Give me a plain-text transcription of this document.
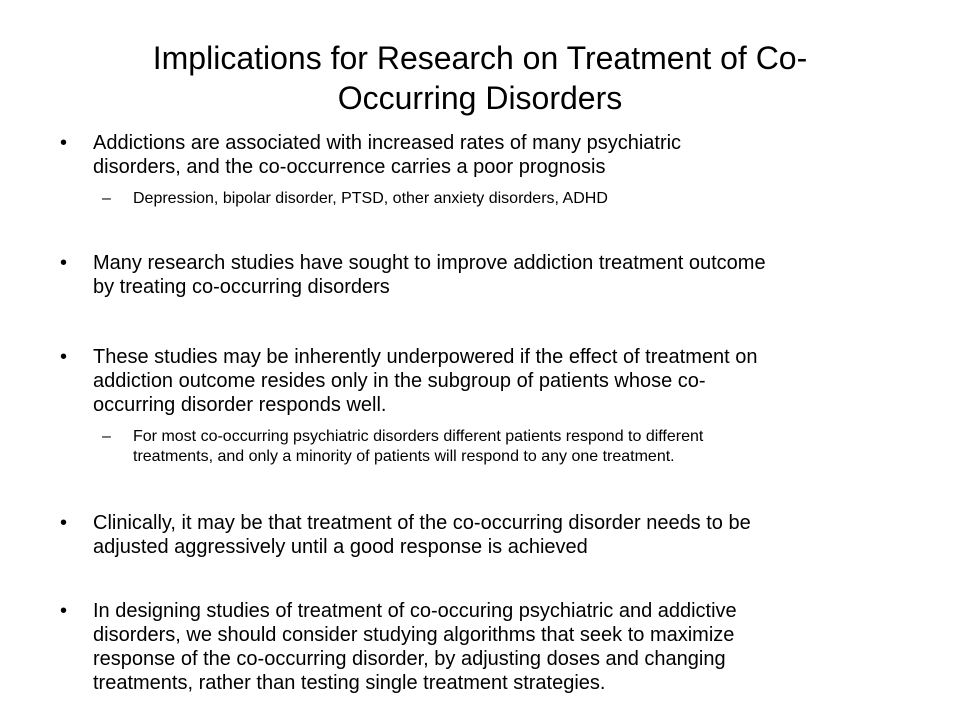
Implications for Research on Treatment of Co-
Occurring Disorders

• Addictions are associated with increased rates of many psychiatric
disorders, and the co-occurrence carries a poor prognosis

– Depression, bipolar disorder, PTSD, other anxiety disorders, ADHD

• Many research studies have sought to improve addiction treatment outcome
by treating co-occurring disorders

• These studies may be inherently underpowered if the effect of treatment on
addiction outcome resides only in the subgroup of patients whose co-
occurring disorder responds well.

– For most co-occurring psychiatric disorders different patients respond to different
treatments, and only a minority of patients will respond to any one treatment.

• Clinically, it may be that treatment of the co-occurring disorder needs to be
adjusted aggressively until a good response is achieved

• In designing studies of treatment of co-occuring psychiatric and addictive
disorders, we should consider studying algorithms that seek to maximize
response of the co-occurring disorder, by adjusting doses and changing
treatments, rather than testing single treatment strategies.
